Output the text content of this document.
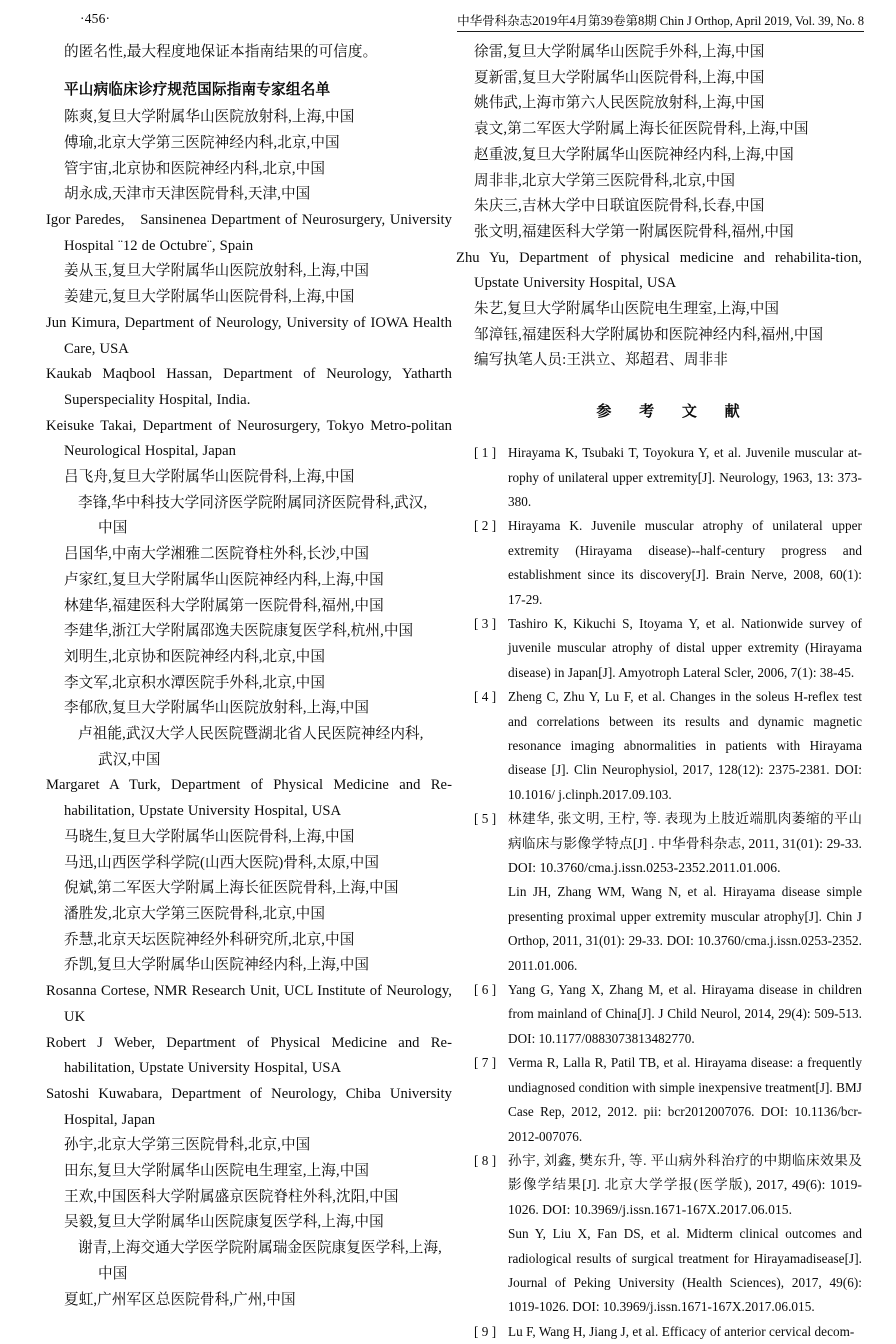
·456·	中华骨科杂志2019年4月第39卷第8期 Chin J Orthop, April 2019, Vol. 39, No. 8

的匿名性,最大程度地保证本指南结果的可信度。

平山病临床诊疗规范国际指南专家组名单
陈爽,复旦大学附属华山医院放射科,上海,中国
傅瑜,北京大学第三医院神经内科,北京,中国
管宇宙,北京协和医院神经内科,北京,中国
胡永成,天津市天津医院骨科,天津,中国
Igor Paredes,　Sansinenea Department of Neurosurgery, University Hospital ¨12 de Octubre¨, Spain
姜从玉,复旦大学附属华山医院放射科,上海,中国
姜建元,复旦大学附属华山医院骨科,上海,中国
Jun Kimura, Department of Neurology, University of IOWA Health Care, USA
Kaukab Maqbool Hassan, Department of Neurology, Yatharth Superspeciality Hospital, India.
Keisuke Takai, Department of Neurosurgery, Tokyo Metro-politan Neurological Hospital, Japan
吕飞舟,复旦大学附属华山医院骨科,上海,中国
李锋,华中科技大学同济医学院附属同济医院骨科,武汉,
中国
吕国华,中南大学湘雅二医院脊柱外科,长沙,中国
卢家红,复旦大学附属华山医院神经内科,上海,中国
林建华,福建医科大学附属第一医院骨科,福州,中国
李建华,浙江大学附属邵逸夫医院康复医学科,杭州,中国
刘明生,北京协和医院神经内科,北京,中国
李文军,北京积水潭医院手外科,北京,中国
李郁欣,复旦大学附属华山医院放射科,上海,中国
卢祖能,武汉大学人民医院暨湖北省人民医院神经内科,
武汉,中国
Margaret A Turk, Department of Physical Medicine and Re-habilitation, Upstate University Hospital, USA
马晓生,复旦大学附属华山医院骨科,上海,中国
马迅,山西医学科学院(山西大医院)骨科,太原,中国
倪斌,第二军医大学附属上海长征医院骨科,上海,中国
潘胜发,北京大学第三医院骨科,北京,中国
乔慧,北京天坛医院神经外科研究所,北京,中国
乔凯,复旦大学附属华山医院神经内科,上海,中国
Rosanna Cortese, NMR Research Unit, UCL Institute of Neurology, UK
Robert J Weber, Department of Physical Medicine and Re-habilitation, Upstate University Hospital, USA
Satoshi Kuwabara, Department of Neurology, Chiba University Hospital, Japan
孙宇,北京大学第三医院骨科,北京,中国
田东,复旦大学附属华山医院电生理室,上海,中国
王欢,中国医科大学附属盛京医院脊柱外科,沈阳,中国
吴毅,复旦大学附属华山医院康复医学科,上海,中国
谢青,上海交通大学医学院附属瑞金医院康复医学科,上海,
中国
夏虹,广州军区总医院骨科,广州,中国
徐雷,复旦大学附属华山医院手外科,上海,中国
夏新雷,复旦大学附属华山医院骨科,上海,中国
姚伟武,上海市第六人民医院放射科,上海,中国
袁文,第二军医大学附属上海长征医院骨科,上海,中国
赵重波,复旦大学附属华山医院神经内科,上海,中国
周非非,北京大学第三医院骨科,北京,中国
朱庆三,吉林大学中日联谊医院骨科,长春,中国
张文明,福建医科大学第一附属医院骨科,福州,中国
Zhu Yu, Department of physical medicine and rehabilita-tion, Upstate University Hospital, USA
朱艺,复旦大学附属华山医院电生理室,上海,中国
邹漳钰,福建医科大学附属协和医院神经内科,福州,中国
编写执笔人员:王洪立、郑超君、周非非
参 考 文 献
[ 1 ] Hirayama K, Tsubaki T, Toyokura Y, et al. Juvenile muscular at-rophy of unilateral upper extremity[J]. Neurology, 1963, 13: 373-380.
[ 2 ] Hirayama K. Juvenile muscular atrophy of unilateral upper extremity (Hirayama disease)--half-century progress and establishment since its discovery[J]. Brain Nerve, 2008, 60(1): 17-29.
[ 3 ] Tashiro K, Kikuchi S, Itoyama Y, et al. Nationwide survey of juvenile muscular atrophy of distal upper extremity (Hirayama disease) in Japan[J]. Amyotroph Lateral Scler, 2006, 7(1): 38-45.
[ 4 ] Zheng C, Zhu Y, Lu F, et al. Changes in the soleus H-reflex test and correlations between its results and dynamic magnetic resonance imaging abnormalities in patients with Hirayama disease [J]. Clin Neurophysiol, 2017, 128(12): 2375-2381. DOI: 10.1016/ j.clinph.2017.09.103.
[ 5 ] 林建华, 张文明, 王柠, 等. 表现为上肢近端肌肉萎缩的平山病临床与影像学特点[J] . 中华骨科杂志, 2011, 31(01): 29-33. DOI: 10.3760/cma.j.issn.0253-2352.2011.01.006.
Lin JH, Zhang WM, Wang N, et al. Hirayama disease simple presenting proximal upper extremity muscular atrophy[J]. Chin J Orthop, 2011, 31(01): 29-33. DOI: 10.3760/cma.j.issn.0253-2352. 2011.01.006.
[ 6 ] Yang G, Yang X, Zhang M, et al. Hirayama disease in children from mainland of China[J]. J Child Neurol, 2014, 29(4): 509-513. DOI: 10.1177/0883073813482770.
[ 7 ] Verma R, Lalla R, Patil TB, et al. Hirayama disease: a frequently undiagnosed condition with simple inexpensive treatment[J]. BMJ Case Rep, 2012, 2012. pii: bcr2012007076. DOI: 10.1136/bcr-2012-007076.
[ 8 ] 孙宇, 刘鑫, 樊东升, 等. 平山病外科治疗的中期临床效果及影像学结果[J]. 北京大学学报(医学版), 2017, 49(6): 1019-1026. DOI: 10.3969/j.issn.1671-167X.2017.06.015.
Sun Y, Liu X, Fan DS, et al. Midterm clinical outcomes and radiological results of surgical treatment for Hirayamadisease[J]. Journal of Peking University (Health Sciences), 2017, 49(6): 1019-1026. DOI: 10.3969/j.issn.1671-167X.2017.06.015.
[ 9 ] Lu F, Wang H, Jiang J, et al. Efficacy of anterior cervical decom-
